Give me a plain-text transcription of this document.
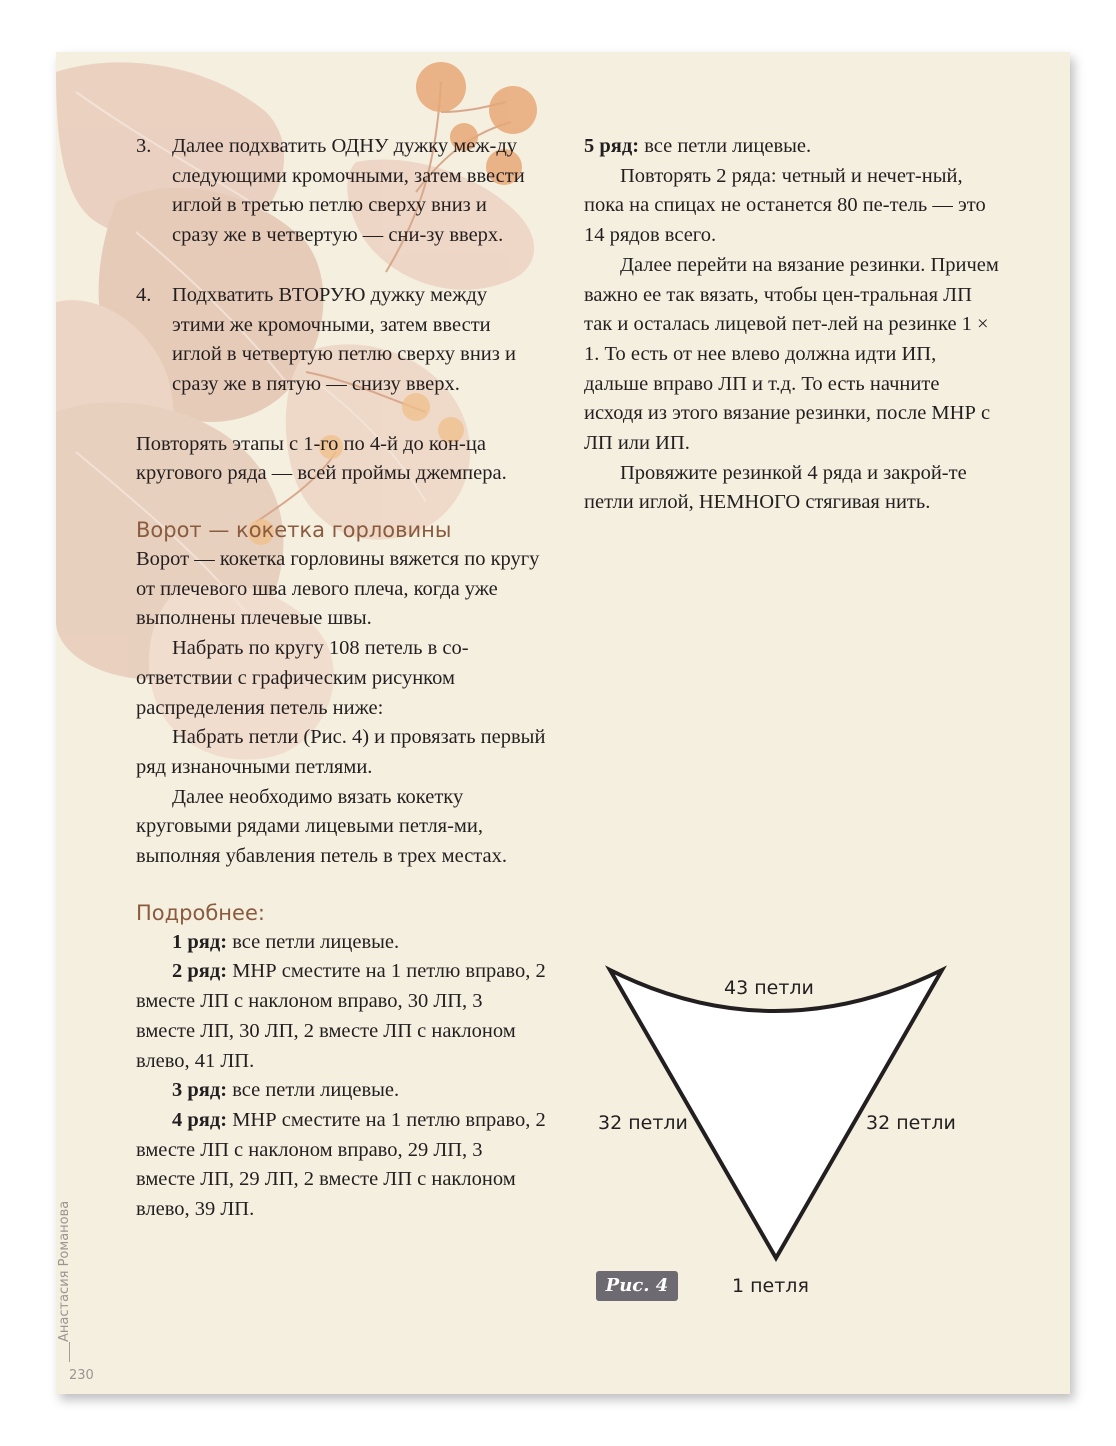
3. Далее подхватить ОДНУ дужку меж-ду следующими кромочными, затем ввести иглой в третью петлю сверху вниз и сразу же в четвертую — сни-зу вверх.

4. Подхватить ВТОРУЮ дужку между этими же кромочными, затем ввести иглой в четвертую петлю сверху вниз и сразу же в пятую — снизу вверх.

Повторять этапы с 1-го по 4-й до кон-ца кругового ряда — всей проймы джемпера.

Ворот — кокетка горловины

Ворот — кокетка горловины вяжется по кругу от плечевого шва левого плеча, когда уже выполнены плечевые швы.

Набрать по кругу 108 петель в со-ответствии с графическим рисунком распределения петель ниже:

Набрать петли (Рис. 4) и провязать первый ряд изнаночными петлями.

Далее необходимо вязать кокетку круговыми рядами лицевыми петля-ми, выполняя убавления петель в трех местах.

Подробнее:

1 ряд: все петли лицевые.

2 ряд: МНР сместите на 1 петлю вправо, 2 вместе ЛП с наклоном вправо, 30 ЛП, 3 вместе ЛП, 30 ЛП, 2 вместе ЛП с наклоном влево, 41 ЛП.

3 ряд: все петли лицевые.

4 ряд: МНР сместите на 1 петлю вправо, 2 вместе ЛП с наклоном вправо, 29 ЛП, 3 вместе ЛП, 29 ЛП, 2 вместе ЛП с наклоном влево, 39 ЛП.

5 ряд: все петли лицевые.

Повторять 2 ряда: четный и нечет-ный, пока на спицах не останется 80 пе-тель — это 14 рядов всего.

Далее перейти на вязание резинки. Причем важно ее так вязать, чтобы цен-тральная ЛП так и осталась лицевой пет-лей на резинке 1 × 1. То есть от нее влево должна идти ИП, дальше вправо ЛП и т.д. То есть начните исходя из этого вязание резинки, после МНР с ЛП или ИП.

Провяжите резинкой 4 ряда и закрой-те петли иглой, НЕМНОГО стягивая нить.

43 петли
32 петли	32 петли
1 петля
Рис. 4
Анастасия Романова
230
